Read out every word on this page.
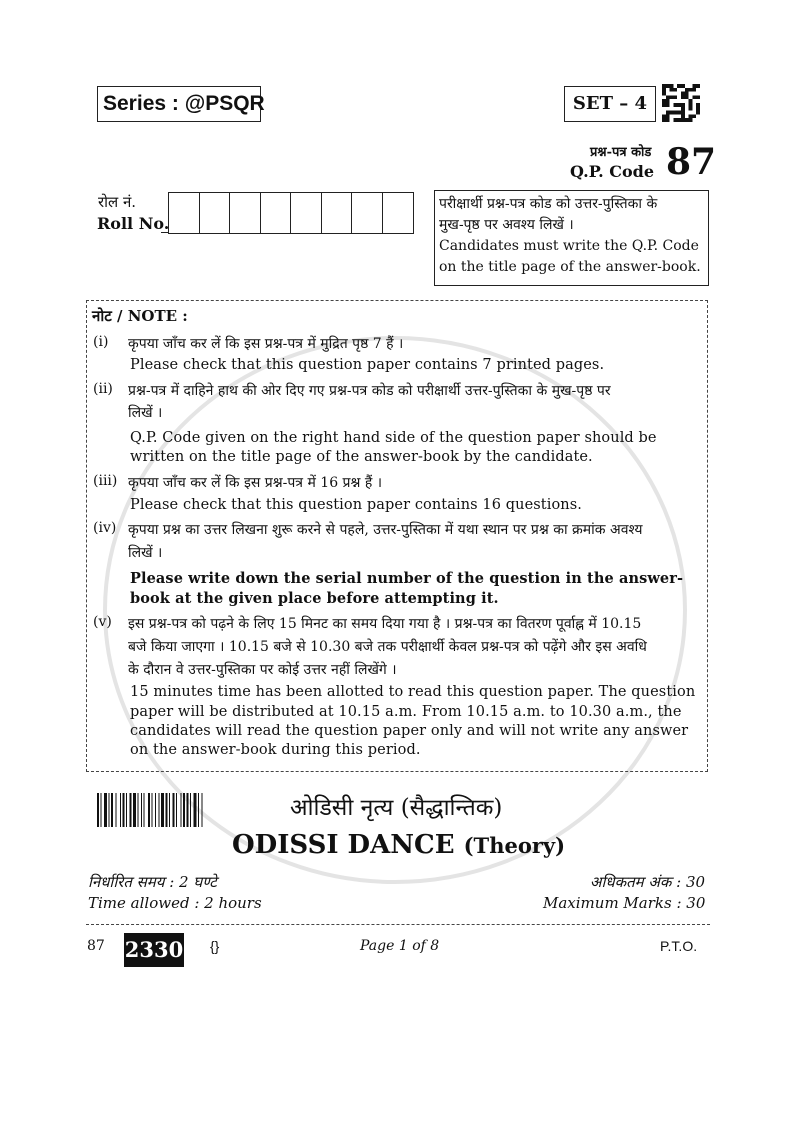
Series : @PSQR	SET – 4
प्रश्न-पत्र कोड
Q.P. Code 87
रोल नं.
Roll No.
परीक्षार्थी प्रश्न-पत्र कोड को उत्तर-पुस्तिका के
मुख-पृष्ठ पर अवश्य लिखें ।
Candidates must write the Q.P. Code
on the title page of the answer-book.
नोट / NOTE :
(i) कृपया जाँच कर लें कि इस प्रश्न-पत्र में मुद्रित पृष्ठ 7 हैं ।
Please check that this question paper contains 7 printed pages.
(ii) प्रश्न-पत्र में दाहिने हाथ की ओर दिए गए प्रश्न-पत्र कोड को परीक्षार्थी उत्तर-पुस्तिका के मुख-पृष्ठ पर
लिखें ।
Q.P. Code given on the right hand side of the question paper should be
written on the title page of the answer-book by the candidate.
(iii) कृपया जाँच कर लें कि इस प्रश्न-पत्र में 16 प्रश्न हैं ।
Please check that this question paper contains 16 questions.
(iv) कृपया प्रश्न का उत्तर लिखना शुरू करने से पहले, उत्तर-पुस्तिका में यथा स्थान पर प्रश्न का क्रमांक अवश्य
लिखें ।
Please write down the serial number of the question in the answer-
book at the given place before attempting it.
(v) इस प्रश्न-पत्र को पढ़ने के लिए 15 मिनट का समय दिया गया है । प्रश्न-पत्र का वितरण पूर्वाह्न में 10.15
बजे किया जाएगा । 10.15 बजे से 10.30 बजे तक परीक्षार्थी केवल प्रश्न-पत्र को पढ़ेंगे और इस अवधि
के दौरान वे उत्तर-पुस्तिका पर कोई उत्तर नहीं लिखेंगे ।
15 minutes time has been allotted to read this question paper. The question
paper will be distributed at 10.15 a.m. From 10.15 a.m. to 10.30 a.m., the
candidates will read the question paper only and will not write any answer
on the answer-book during this period.
ओडिसी नृत्य (सैद्धान्तिक)
ODISSI DANCE (Theory)
निर्धारित समय : 2 घण्टे
Time allowed : 2 hours
अधिकतम अंक : 30
Maximum Marks : 30
87 2330 {}	Page 1 of 8	P.T.O.
